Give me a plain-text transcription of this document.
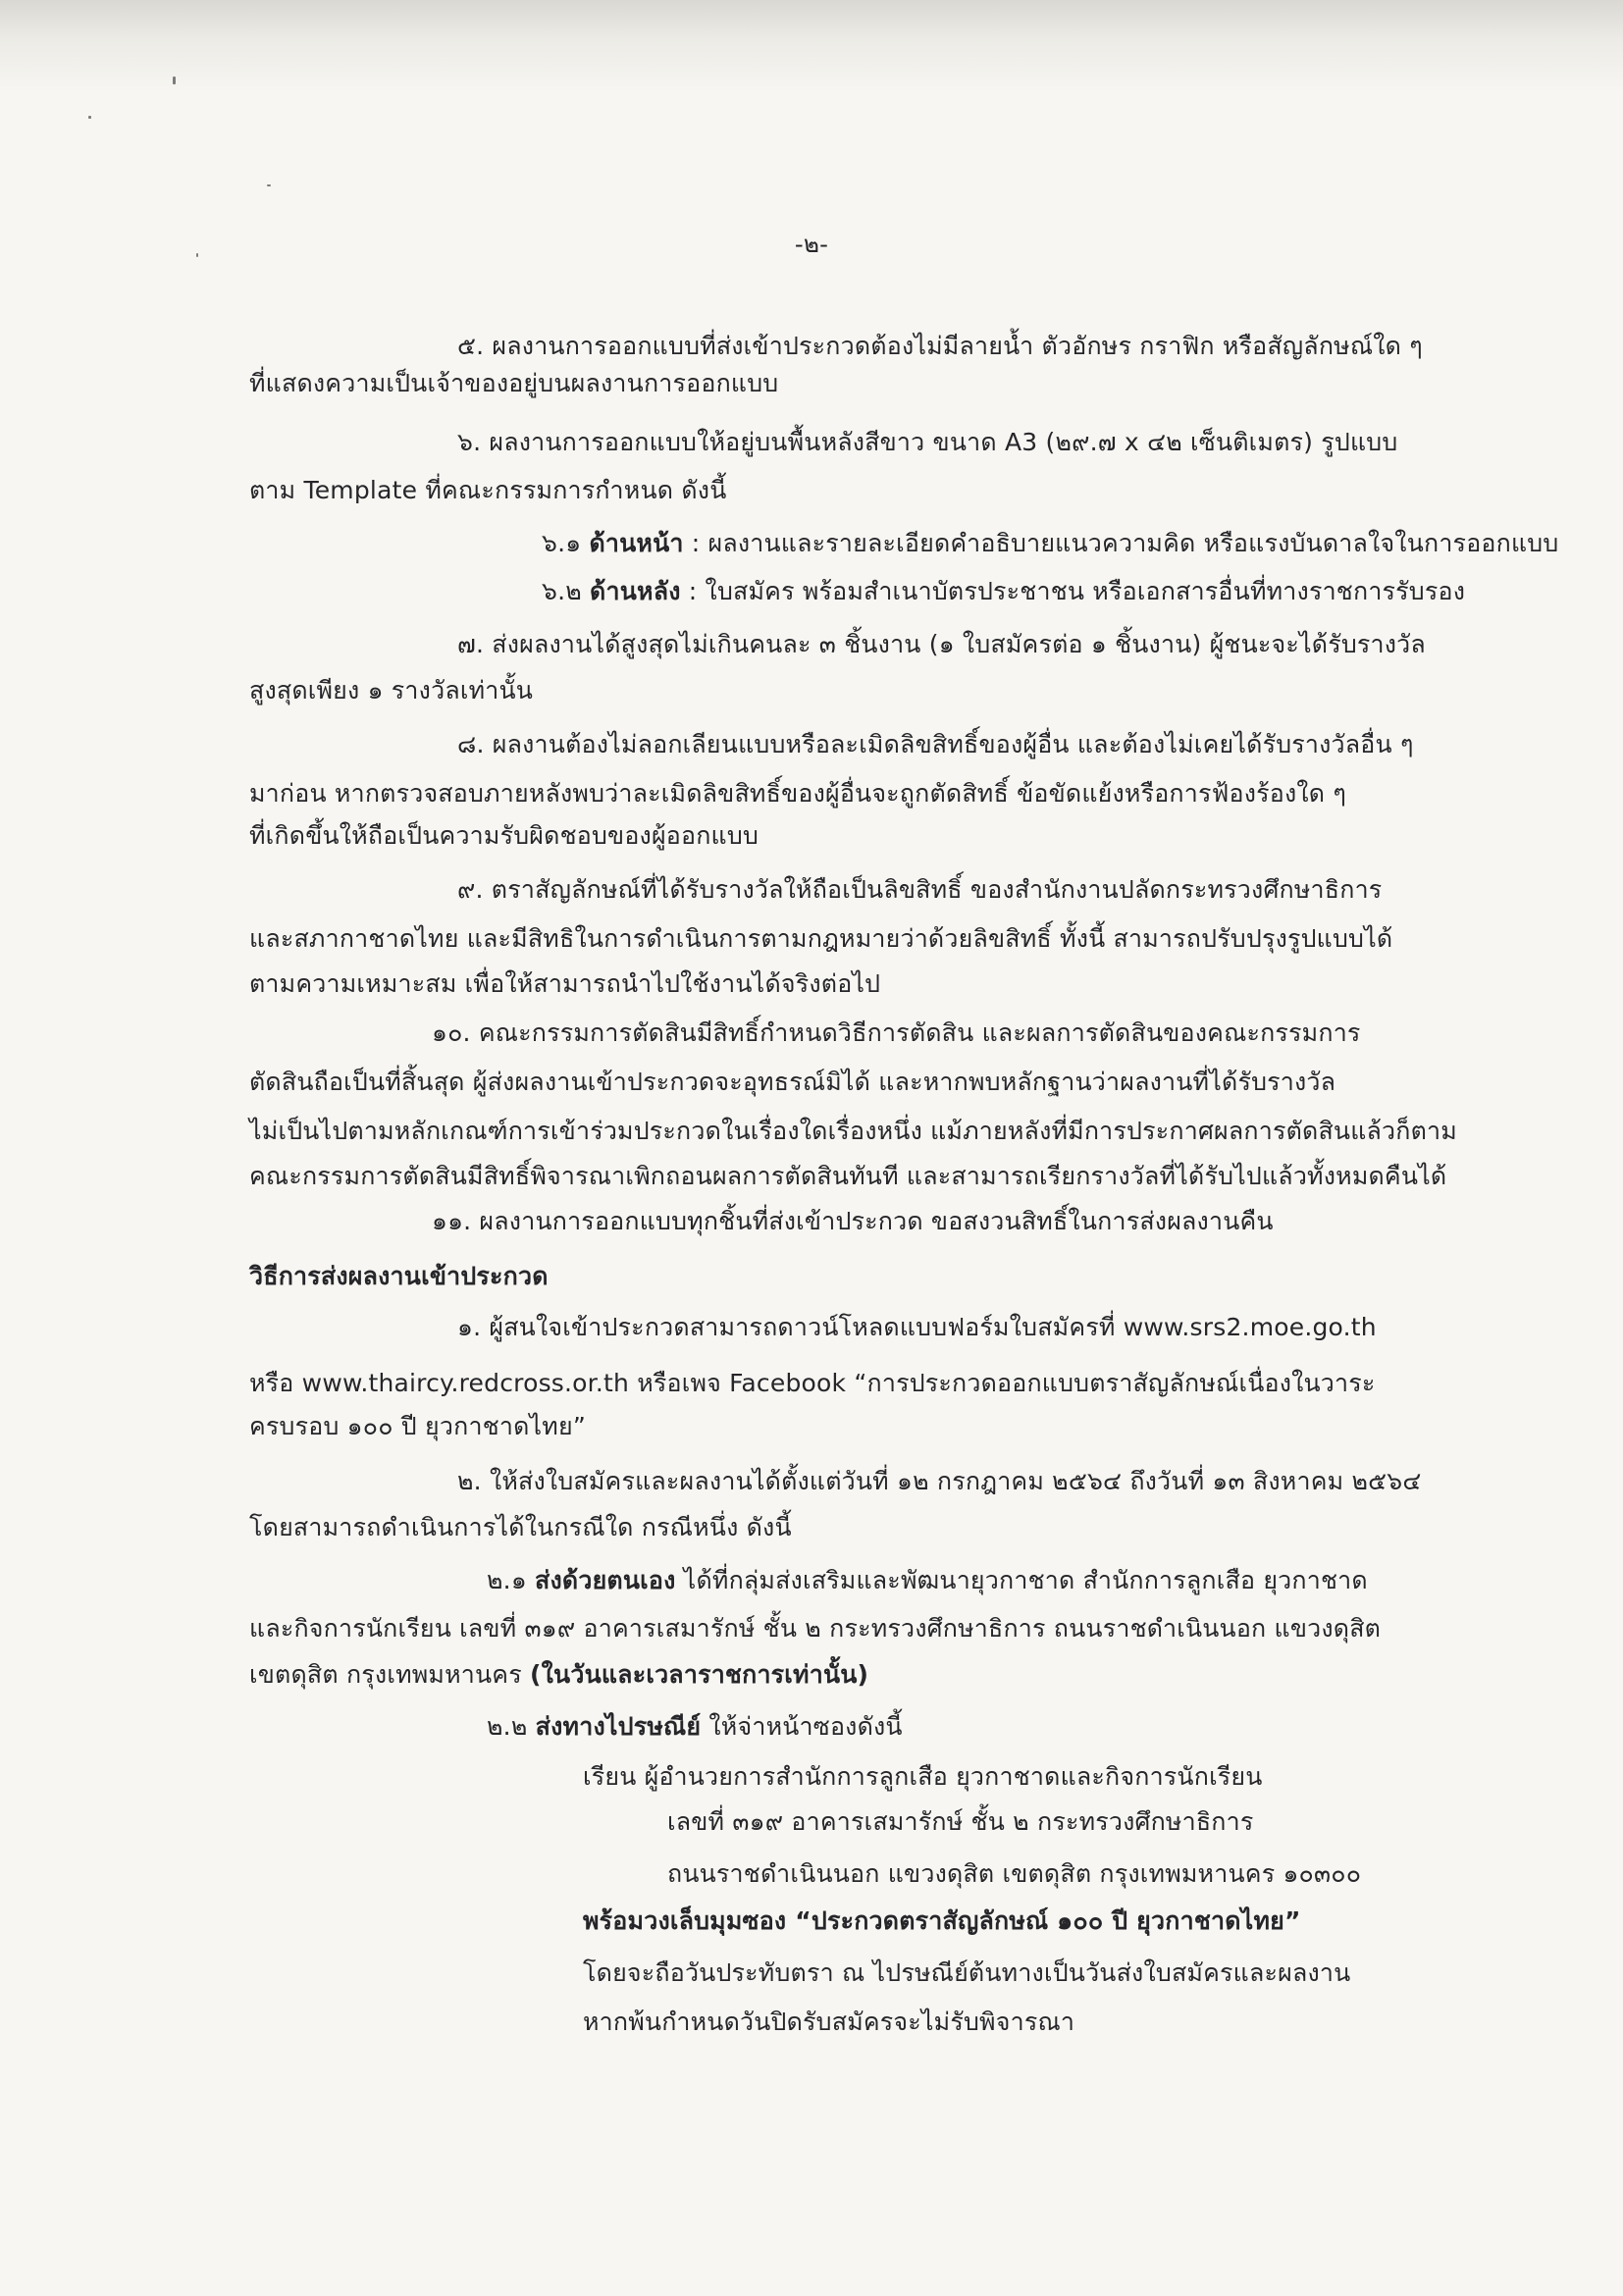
-๒-
๕. ผลงานการออกแบบที่ส่งเข้าประกวดต้องไม่มีลายน้ำ ตัวอักษร กราฟิก หรือสัญลักษณ์ใด ๆ
ที่แสดงความเป็นเจ้าของอยู่บนผลงานการออกแบบ
๖. ผลงานการออกแบบให้อยู่บนพื้นหลังสีขาว ขนาด A3 (๒๙.๗ x ๔๒ เซ็นติเมตร) รูปแบบ
ตาม Template ที่คณะกรรมการกำหนด ดังนี้
๖.๑ ด้านหน้า : ผลงานและรายละเอียดคำอธิบายแนวความคิด หรือแรงบันดาลใจในการออกแบบ
๖.๒ ด้านหลัง : ใบสมัคร พร้อมสำเนาบัตรประชาชน หรือเอกสารอื่นที่ทางราชการรับรอง
๗. ส่งผลงานได้สูงสุดไม่เกินคนละ ๓ ชิ้นงาน (๑ ใบสมัครต่อ ๑ ชิ้นงาน) ผู้ชนะจะได้รับรางวัล
สูงสุดเพียง ๑ รางวัลเท่านั้น
๘. ผลงานต้องไม่ลอกเลียนแบบหรือละเมิดลิขสิทธิ์ของผู้อื่น และต้องไม่เคยได้รับรางวัลอื่น ๆ
มาก่อน หากตรวจสอบภายหลังพบว่าละเมิดลิขสิทธิ์ของผู้อื่นจะถูกตัดสิทธิ์ ข้อขัดแย้งหรือการฟ้องร้องใด ๆ
ที่เกิดขึ้นให้ถือเป็นความรับผิดชอบของผู้ออกแบบ
๙. ตราสัญลักษณ์ที่ได้รับรางวัลให้ถือเป็นลิขสิทธิ์ ของสำนักงานปลัดกระทรวงศึกษาธิการ
และสภากาชาดไทย และมีสิทธิในการดำเนินการตามกฎหมายว่าด้วยลิขสิทธิ์ ทั้งนี้ สามารถปรับปรุงรูปแบบได้
ตามความเหมาะสม เพื่อให้สามารถนำไปใช้งานได้จริงต่อไป
๑๐. คณะกรรมการตัดสินมีสิทธิ์กำหนดวิธีการตัดสิน และผลการตัดสินของคณะกรรมการ
ตัดสินถือเป็นที่สิ้นสุด ผู้ส่งผลงานเข้าประกวดจะอุทธรณ์มิได้ และหากพบหลักฐานว่าผลงานที่ได้รับรางวัล
ไม่เป็นไปตามหลักเกณฑ์การเข้าร่วมประกวดในเรื่องใดเรื่องหนึ่ง แม้ภายหลังที่มีการประกาศผลการตัดสินแล้วก็ตาม
คณะกรรมการตัดสินมีสิทธิ์พิจารณาเพิกถอนผลการตัดสินทันที และสามารถเรียกรางวัลที่ได้รับไปแล้วทั้งหมดคืนได้
๑๑. ผลงานการออกแบบทุกชิ้นที่ส่งเข้าประกวด ขอสงวนสิทธิ์ในการส่งผลงานคืน
วิธีการส่งผลงานเข้าประกวด
๑. ผู้สนใจเข้าประกวดสามารถดาวน์โหลดแบบฟอร์มใบสมัครที่ www.srs2.moe.go.th
หรือ www.thaircy.redcross.or.th หรือเพจ Facebook “การประกวดออกแบบตราสัญลักษณ์เนื่องในวาระ
ครบรอบ ๑๐๐ ปี ยุวกาชาดไทย”
๒. ให้ส่งใบสมัครและผลงานได้ตั้งแต่วันที่ ๑๒ กรกฎาคม ๒๕๖๔ ถึงวันที่ ๑๓ สิงหาคม ๒๕๖๔
โดยสามารถดำเนินการได้ในกรณีใด กรณีหนึ่ง ดังนี้
๒.๑ ส่งด้วยตนเอง ได้ที่กลุ่มส่งเสริมและพัฒนายุวกาชาด สำนักการลูกเสือ ยุวกาชาด
และกิจการนักเรียน เลขที่ ๓๑๙ อาคารเสมารักษ์ ชั้น ๒ กระทรวงศึกษาธิการ ถนนราชดำเนินนอก แขวงดุสิต
เขตดุสิต กรุงเทพมหานคร (ในวันและเวลาราชการเท่านั้น)
๒.๒ ส่งทางไปรษณีย์ ให้จ่าหน้าซองดังนี้
เรียน ผู้อำนวยการสำนักการลูกเสือ ยุวกาชาดและกิจการนักเรียน
เลขที่ ๓๑๙ อาคารเสมารักษ์ ชั้น ๒ กระทรวงศึกษาธิการ
ถนนราชดำเนินนอก แขวงดุสิต เขตดุสิต กรุงเทพมหานคร ๑๐๓๐๐
พร้อมวงเล็บมุมซอง “ประกวดตราสัญลักษณ์ ๑๐๐ ปี ยุวกาชาดไทย”
โดยจะถือวันประทับตรา ณ ไปรษณีย์ต้นทางเป็นวันส่งใบสมัครและผลงาน
หากพ้นกำหนดวันปิดรับสมัครจะไม่รับพิจารณา
